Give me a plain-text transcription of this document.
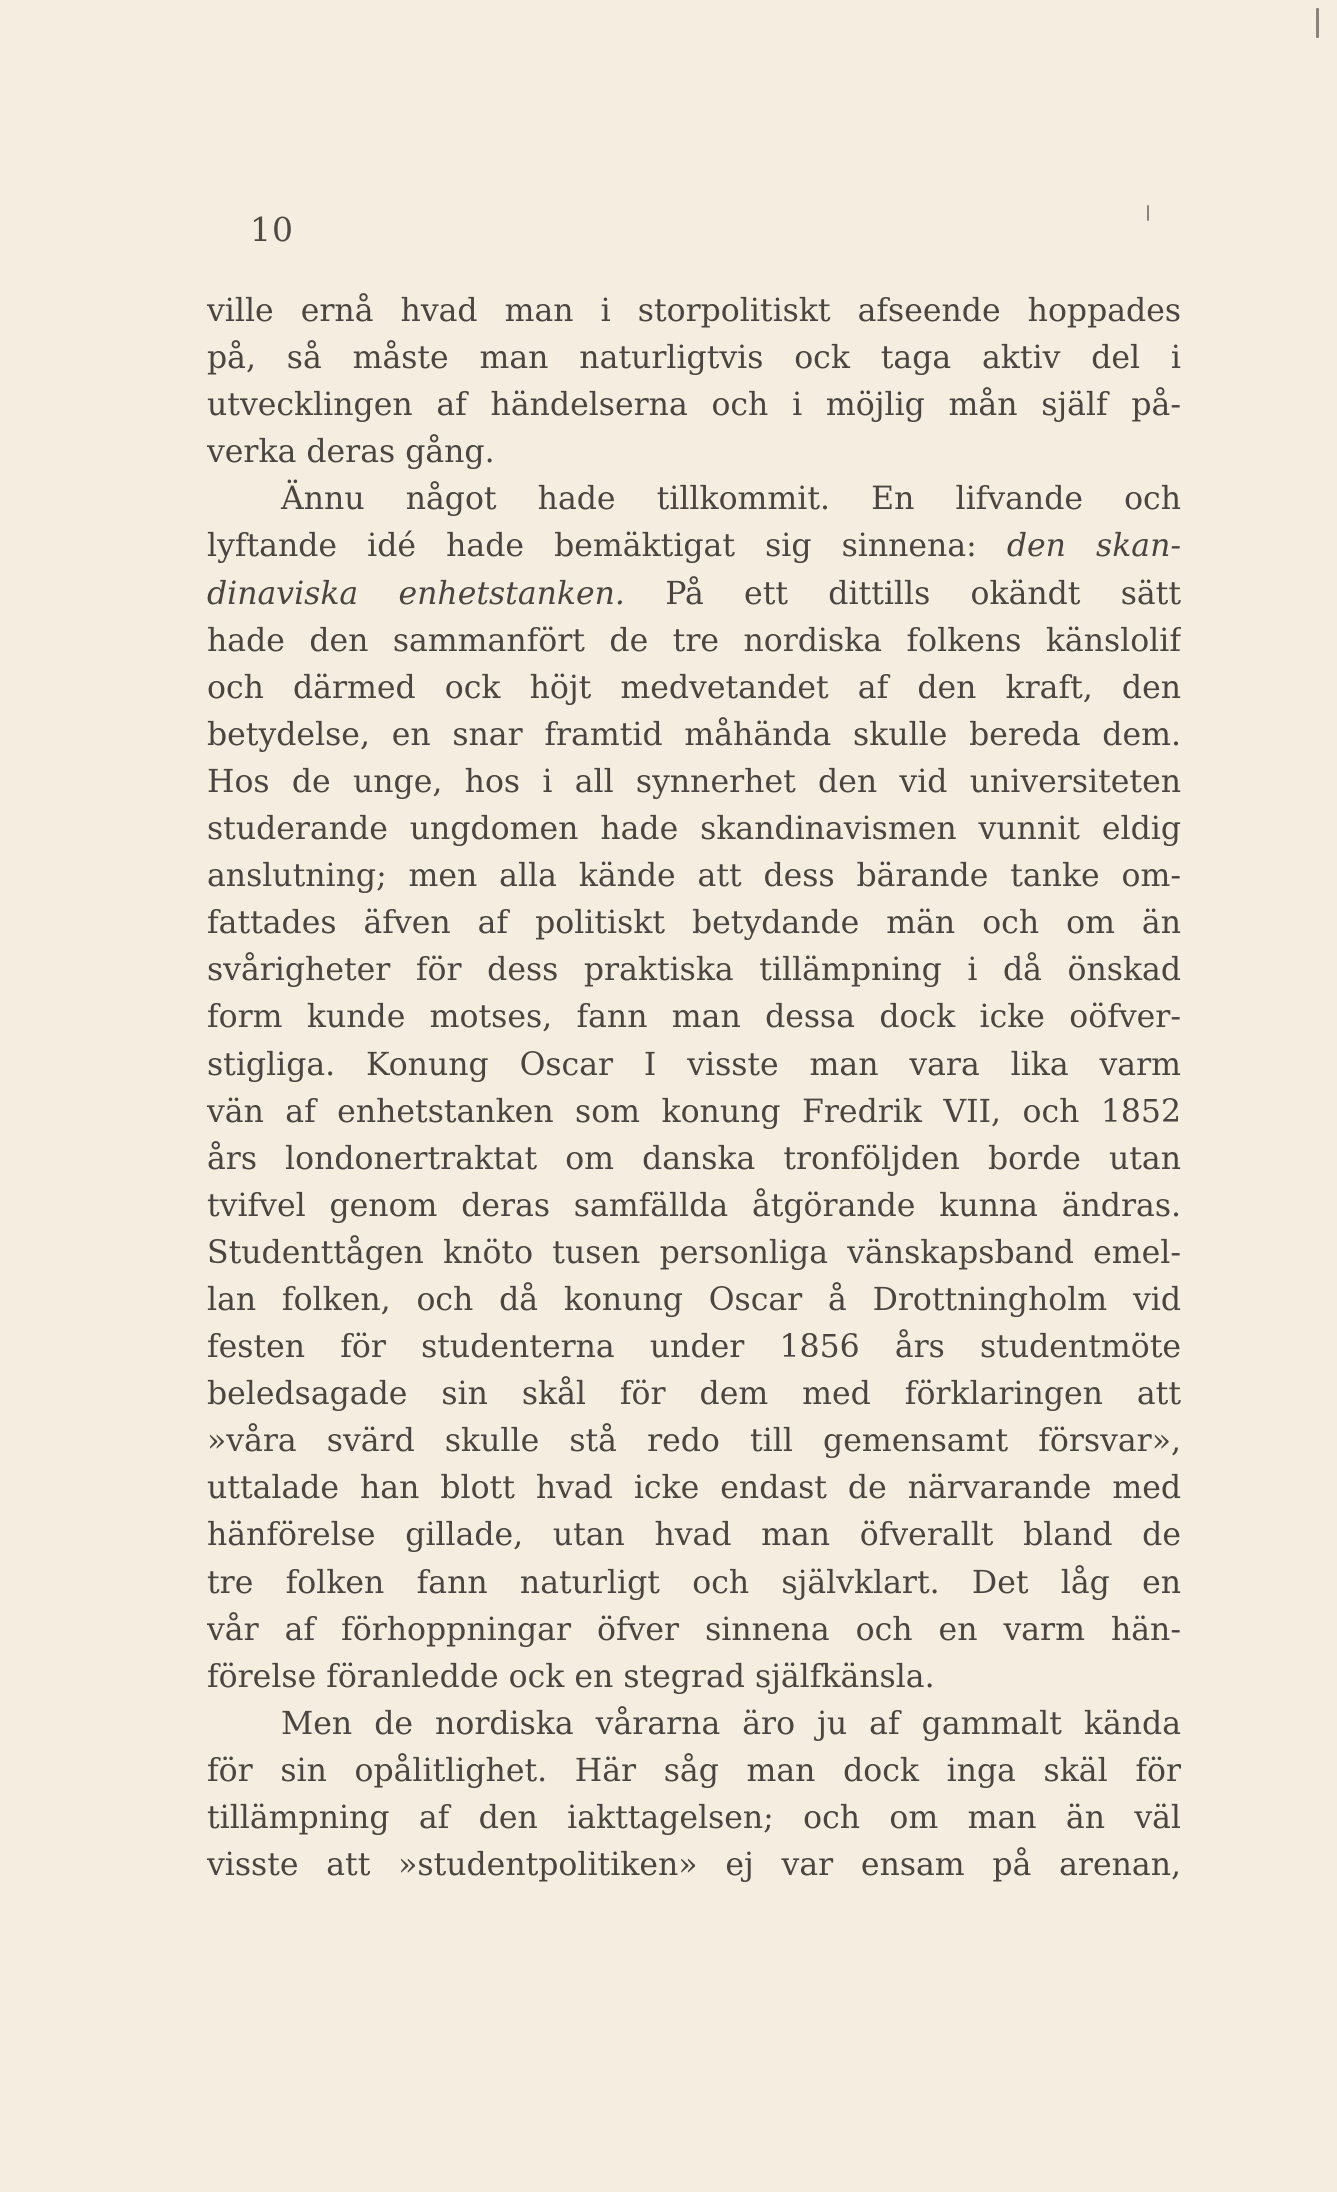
10
ville ernå hvad man i storpolitiskt afseende hoppades
på, så måste man naturligtvis ock taga aktiv del i
utvecklingen af händelserna och i möjlig mån själf på-
verka deras gång.
Ännu något hade tillkommit. En lifvande och
lyftande idé hade bemäktigat sig sinnena: den skan-
dinaviska enhetstanken. På ett dittills okändt sätt
hade den sammanfört de tre nordiska folkens känslolif
och därmed ock höjt medvetandet af den kraft, den
betydelse, en snar framtid måhända skulle bereda dem.
Hos de unge, hos i all synnerhet den vid universiteten
studerande ungdomen hade skandinavismen vunnit eldig
anslutning; men alla kände att dess bärande tanke om-
fattades äfven af politiskt betydande män och om än
svårigheter för dess praktiska tillämpning i då önskad
form kunde motses, fann man dessa dock icke oöfver-
stigliga. Konung Oscar I visste man vara lika varm
vän af enhetstanken som konung Fredrik VII, och 1852
års londonertraktat om danska tronföljden borde utan
tvifvel genom deras samfällda åtgörande kunna ändras.
Studenttågen knöto tusen personliga vänskapsband emel-
lan folken, och då konung Oscar å Drottningholm vid
festen för studenterna under 1856 års studentmöte
beledsagade sin skål för dem med förklaringen att
»våra svärd skulle stå redo till gemensamt försvar»,
uttalade han blott hvad icke endast de närvarande med
hänförelse gillade, utan hvad man öfverallt bland de
tre folken fann naturligt och självklart. Det låg en
vår af förhoppningar öfver sinnena och en varm hän-
förelse föranledde ock en stegrad själfkänsla.
Men de nordiska vårarna äro ju af gammalt kända
för sin opålitlighet. Här såg man dock inga skäl för
tillämpning af den iakttagelsen; och om man än väl
visste att »studentpolitiken» ej var ensam på arenan,
